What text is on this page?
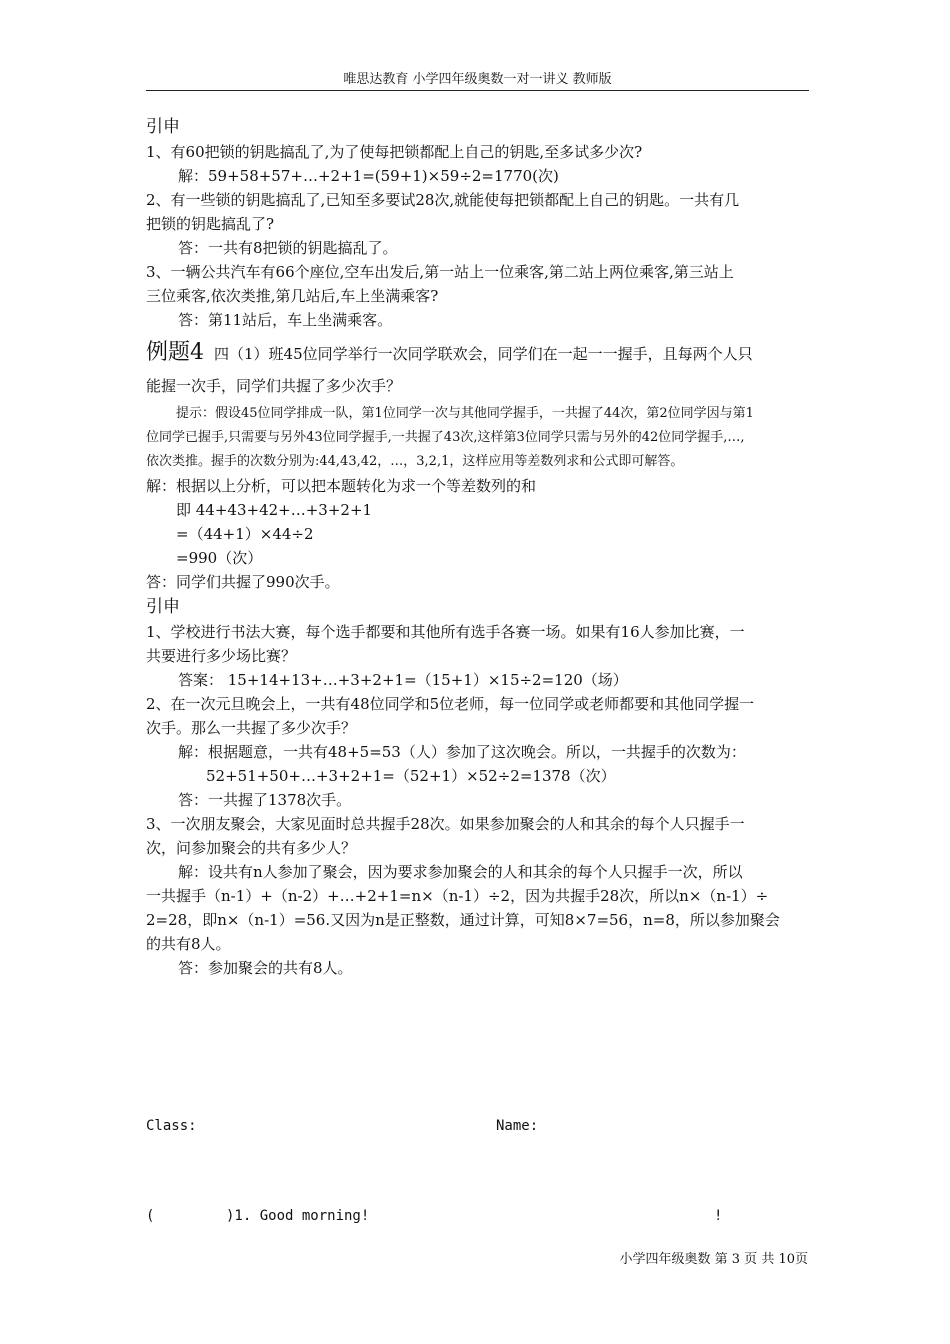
唯思达教育 小学四年级奥数一对一讲义 教师版
引申
1、有60把锁的钥匙搞乱了,为了使每把锁都配上自己的钥匙,至多试多少次?
解：59+58+57+…+2+1=(59+1)×59÷2=1770(次)
2、有一些锁的钥匙搞乱了,已知至多要试28次,就能使每把锁都配上自己的钥匙。一共有几
把锁的钥匙搞乱了?
答：一共有8把锁的钥匙搞乱了。
3、一辆公共汽车有66个座位,空车出发后,第一站上一位乘客,第二站上两位乘客,第三站上
三位乘客,依次类推,第几站后,车上坐满乘客?
答：第11站后，车上坐满乘客。
例题4 四（1）班45位同学举行一次同学联欢会，同学们在一起一一握手，且每两个人只
能握一次手，同学们共握了多少次手？
提示：假设45位同学排成一队，第1位同学一次与其他同学握手，一共握了44次，第2位同学因与第1
位同学已握手,只需要与另外43位同学握手,一共握了43次,这样第3位同学只需与另外的42位同学握手,…,
依次类推。握手的次数分别为:44,43,42，…，3,2,1，这样应用等差数列求和公式即可解答。
解：根据以上分析，可以把本题转化为求一个等差数列的和
即 44+43+42+…+3+2+1
=（44+1）×44÷2
=990（次）
答：同学们共握了990次手。
引申
1、学校进行书法大赛，每个选手都要和其他所有选手各赛一场。如果有16人参加比赛，一
共要进行多少场比赛？
答案： 15+14+13+…+3+2+1=（15+1）×15÷2=120（场）
2、在一次元旦晚会上，一共有48位同学和5位老师，每一位同学或老师都要和其他同学握一
次手。那么一共握了多少次手？
解：根据题意，一共有48+5=53（人）参加了这次晚会。所以，一共握手的次数为：
52+51+50+…+3+2+1=（52+1）×52÷2=1378（次）
答：一共握了1378次手。
3、一次朋友聚会，大家见面时总共握手28次。如果参加聚会的人和其余的每个人只握手一
次，问参加聚会的共有多少人？
解：设共有n人参加了聚会，因为要求参加聚会的人和其余的每个人只握手一次，所以
一共握手（n-1）+（n-2）+…+2+1=n×（n-1）÷2，因为共握手28次，所以n×（n-1）÷
2=28，即n×（n-1）=56.又因为n是正整数，通过计算，可知8×7=56，n=8，所以参加聚会
的共有8人。
答：参加聚会的共有8人。
Class:	Name:
(	)1. Good morning!	!
小学四年级奥数 第 3 页 共 10页
